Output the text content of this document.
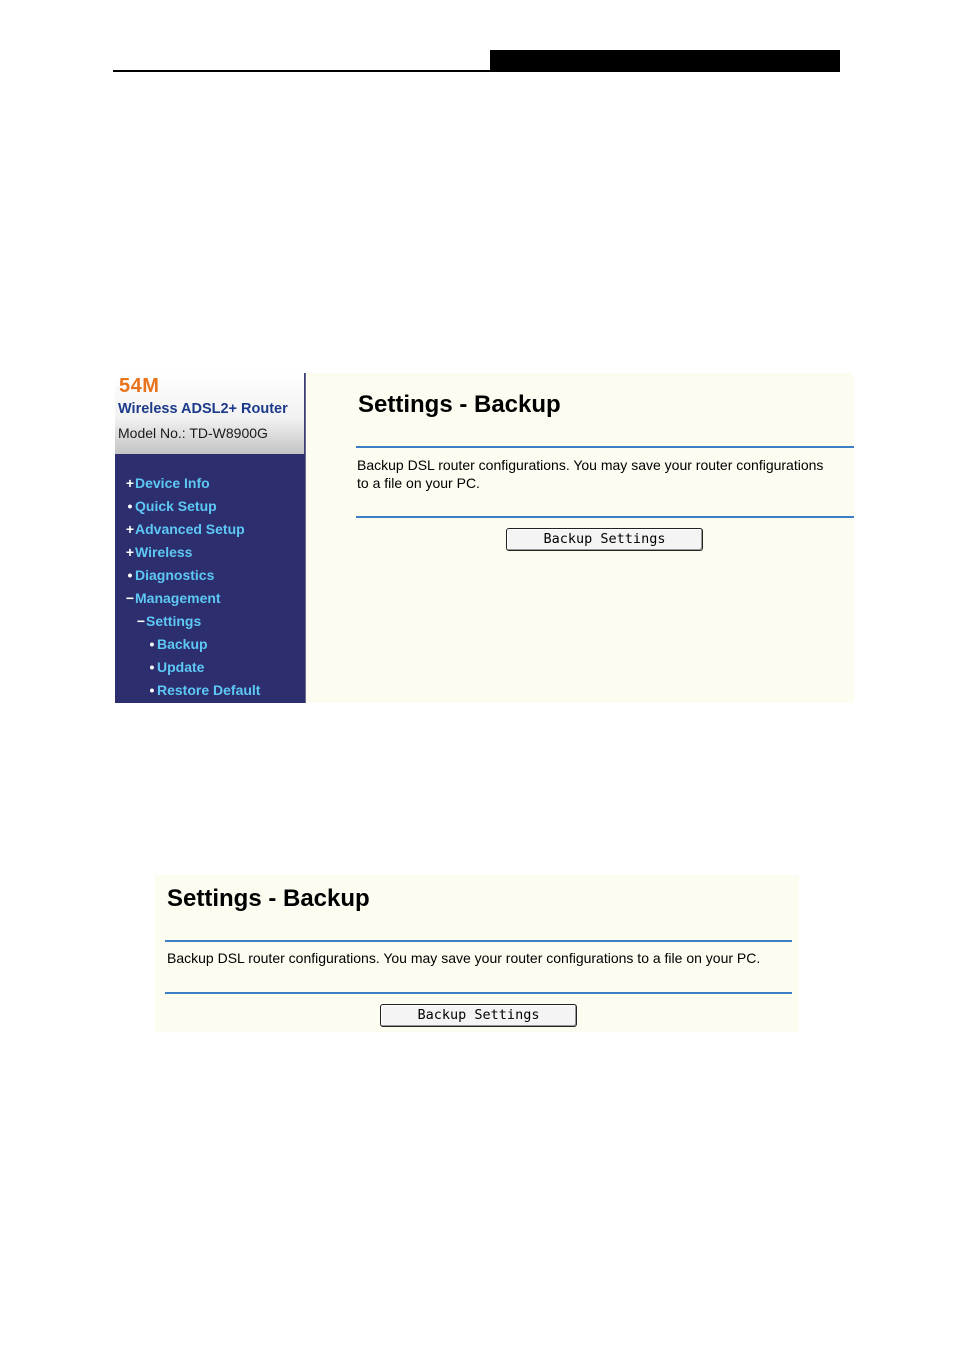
54M
Wireless ADSL2+ Router
Model No.: TD-W8900G
+Device Info
• Quick Setup
+Advanced Setup
+Wireless
• Diagnostics
−Management
−Settings
• Backup
• Update
• Restore Default
Settings - Backup
Backup DSL router configurations. You may save your router configurations
to a file on your PC.
Backup Settings
Settings - Backup
Backup DSL router configurations. You may save your router configurations to a file on your PC.
Backup Settings
